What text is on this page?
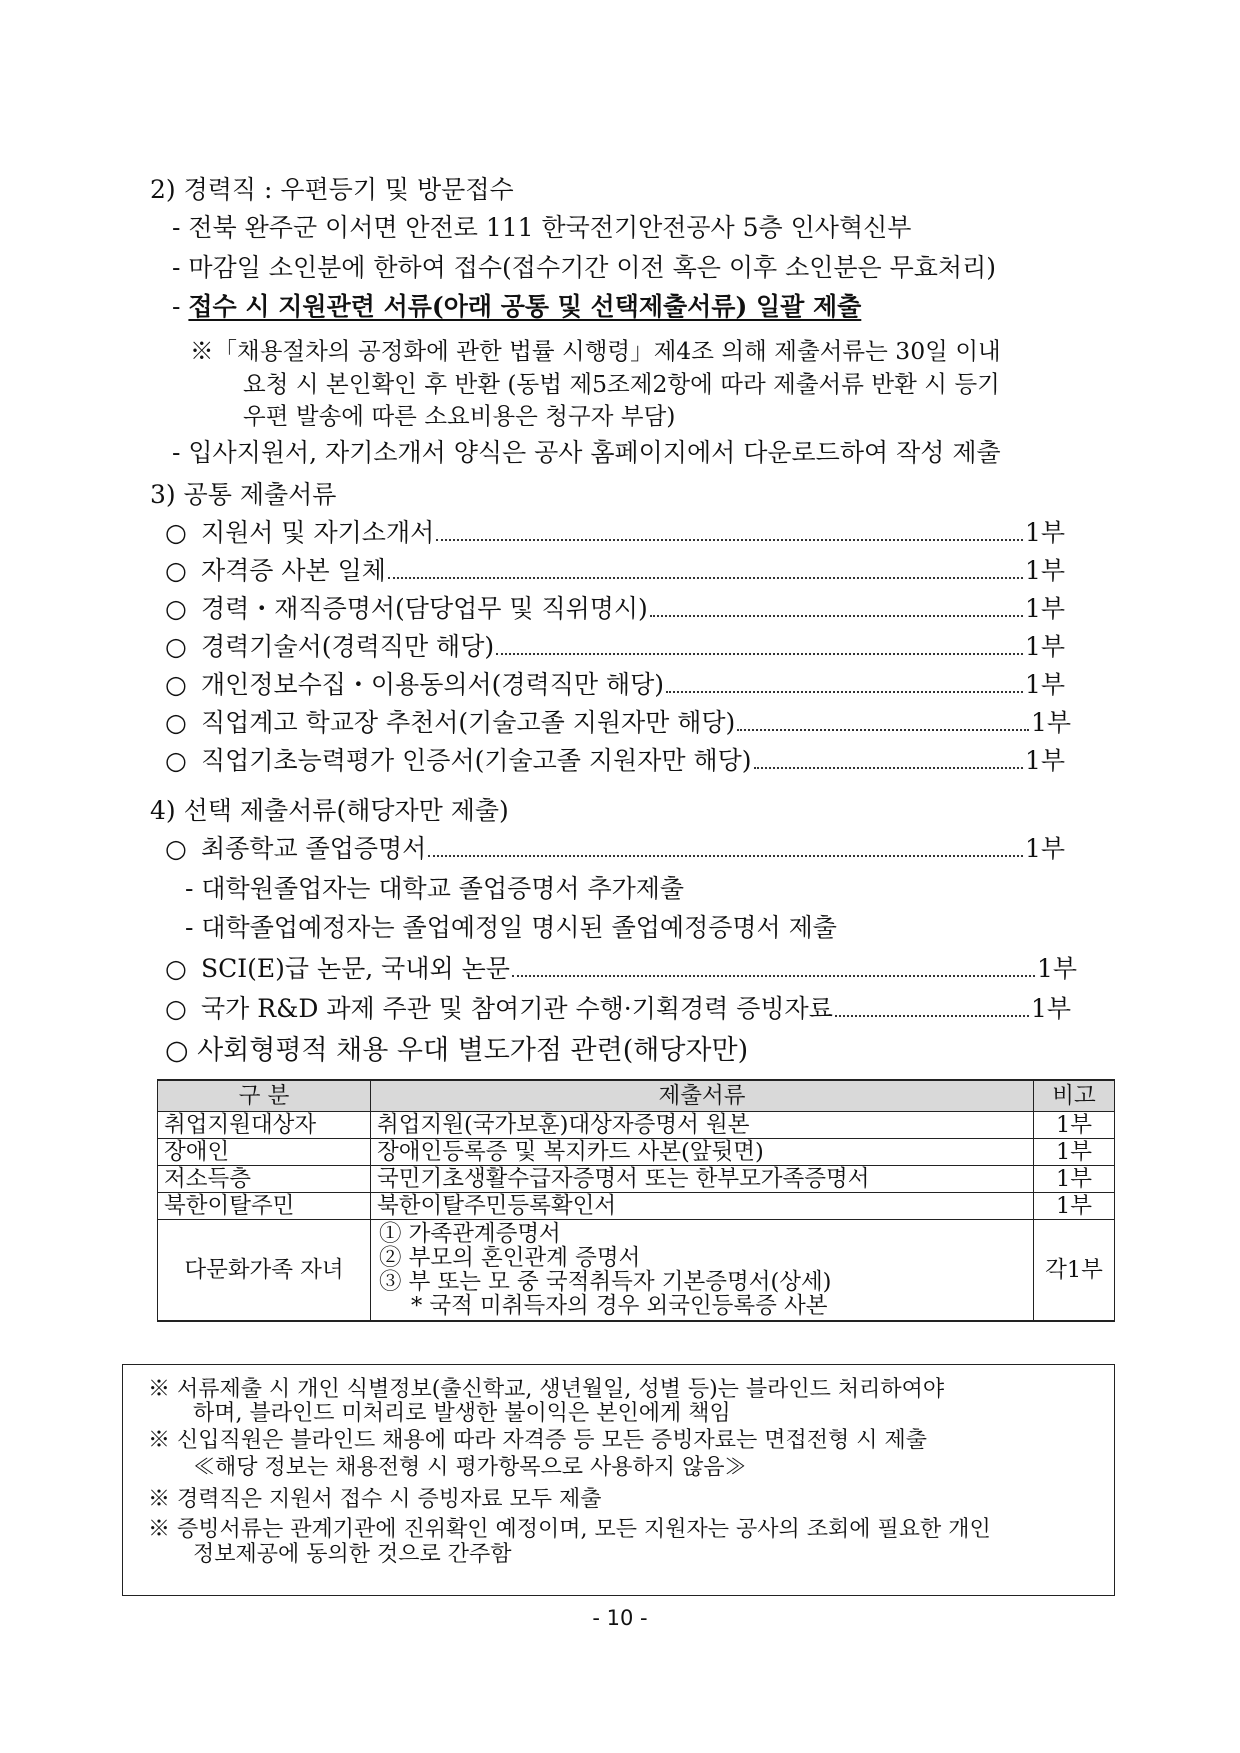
2) 경력직 : 우편등기 및 방문접수
- 전북 완주군 이서면 안전로 111 한국전기안전공사 5층 인사혁신부
- 마감일 소인분에 한하여 접수(접수기간 이전 혹은 이후 소인분은 무효처리)
- 접수 시 지원관련 서류(아래 공통 및 선택제출서류) 일괄 제출
※「채용절차의 공정화에 관한 법률 시행령」제4조 의해 제출서류는 30일 이내
요청 시 본인확인 후 반환 (동법 제5조제2항에 따라 제출서류 반환 시 등기
우편 발송에 따른 소요비용은 청구자 부담)
- 입사지원서, 자기소개서 양식은 공사 홈페이지에서 다운로드하여 작성 제출
3) 공통 제출서류
○ 지원서 및 자기소개서	1부
○ 자격증 사본 일체	1부
○ 경력・재직증명서(담당업무 및 직위명시)	1부
○ 경력기술서(경력직만 해당)	1부
○ 개인정보수집・이용동의서(경력직만 해당)	1부
○ 직업계고 학교장 추천서(기술고졸 지원자만 해당)	1부
○ 직업기초능력평가 인증서(기술고졸 지원자만 해당)	1부
4) 선택 제출서류(해당자만 제출)
○ 최종학교 졸업증명서	1부
- 대학원졸업자는 대학교 졸업증명서 추가제출
- 대학졸업예정자는 졸업예정일 명시된 졸업예정증명서 제출
○ SCI(E)급 논문, 국내외 논문	1부
○ 국가 R&D 과제 주관 및 참여기관 수행·기획경력 증빙자료	1부
○ 사회형평적 채용 우대 별도가점 관련(해당자만)
구 분	제출서류	비고
취업지원대상자	취업지원(국가보훈)대상자증명서 원본	1부
장애인	장애인등록증 및 복지카드 사본(앞뒷면)	1부
저소득층	국민기초생활수급자증명서 또는 한부모가족증명서	1부
북한이탈주민	북한이탈주민등록확인서	1부
다문화가족 자녀	① 가족관계증명서
② 부모의 혼인관계 증명서
③ 부 또는 모 중 국적취득자 기본증명서(상세)
* 국적 미취득자의 경우 외국인등록증 사본	각1부
※ 서류제출 시 개인 식별정보(출신학교, 생년월일, 성별 등)는 블라인드 처리하여야
하며, 블라인드 미처리로 발생한 불이익은 본인에게 책임
※ 신입직원은 블라인드 채용에 따라 자격증 등 모든 증빙자료는 면접전형 시 제출
≪해당 정보는 채용전형 시 평가항목으로 사용하지 않음≫
※ 경력직은 지원서 접수 시 증빙자료 모두 제출
※ 증빙서류는 관계기관에 진위확인 예정이며, 모든 지원자는 공사의 조회에 필요한 개인
정보제공에 동의한 것으로 간주함
- 10 -
